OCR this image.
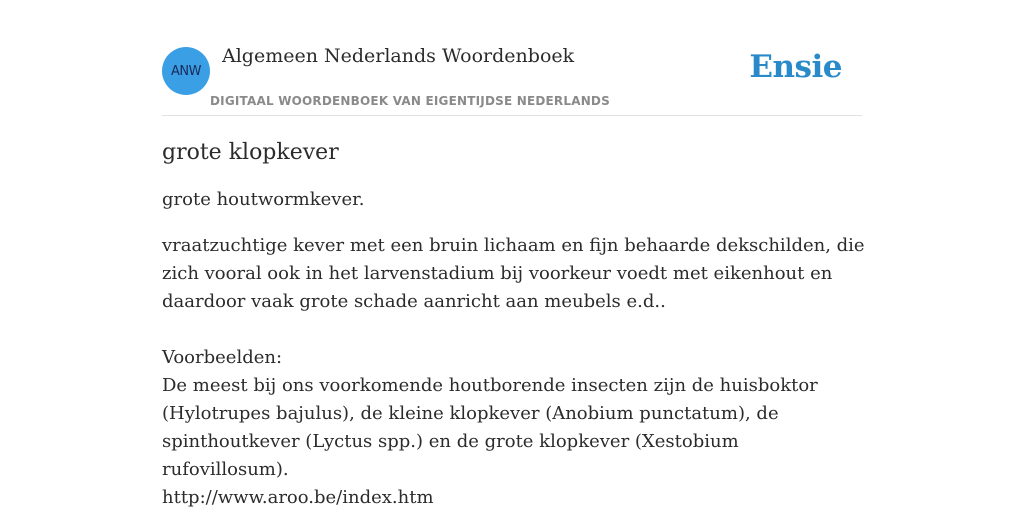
ANW
Algemeen Nederlands Woordenboek
DIGITAAL WOORDENBOEK VAN EIGENTIJDSE NEDERLANDS
Ensie
grote klopkever

grote houtwormkever.

vraatzuchtige kever met een bruin lichaam en fijn behaarde dekschilden, die zich vooral ook in het larvenstadium bij voorkeur voedt met eikenhout en daardoor vaak grote schade aanricht aan meubels e.d..

Voorbeelden:
De meest bij ons voorkomende houtborende insecten zijn de huisboktor (Hylotrupes bajulus), de kleine klopkever (Anobium punctatum), de spinthoutkever (Lyctus spp.) en de grote klopkever (Xestobium rufovillosum).
http://www.aroo.be/index.htm
